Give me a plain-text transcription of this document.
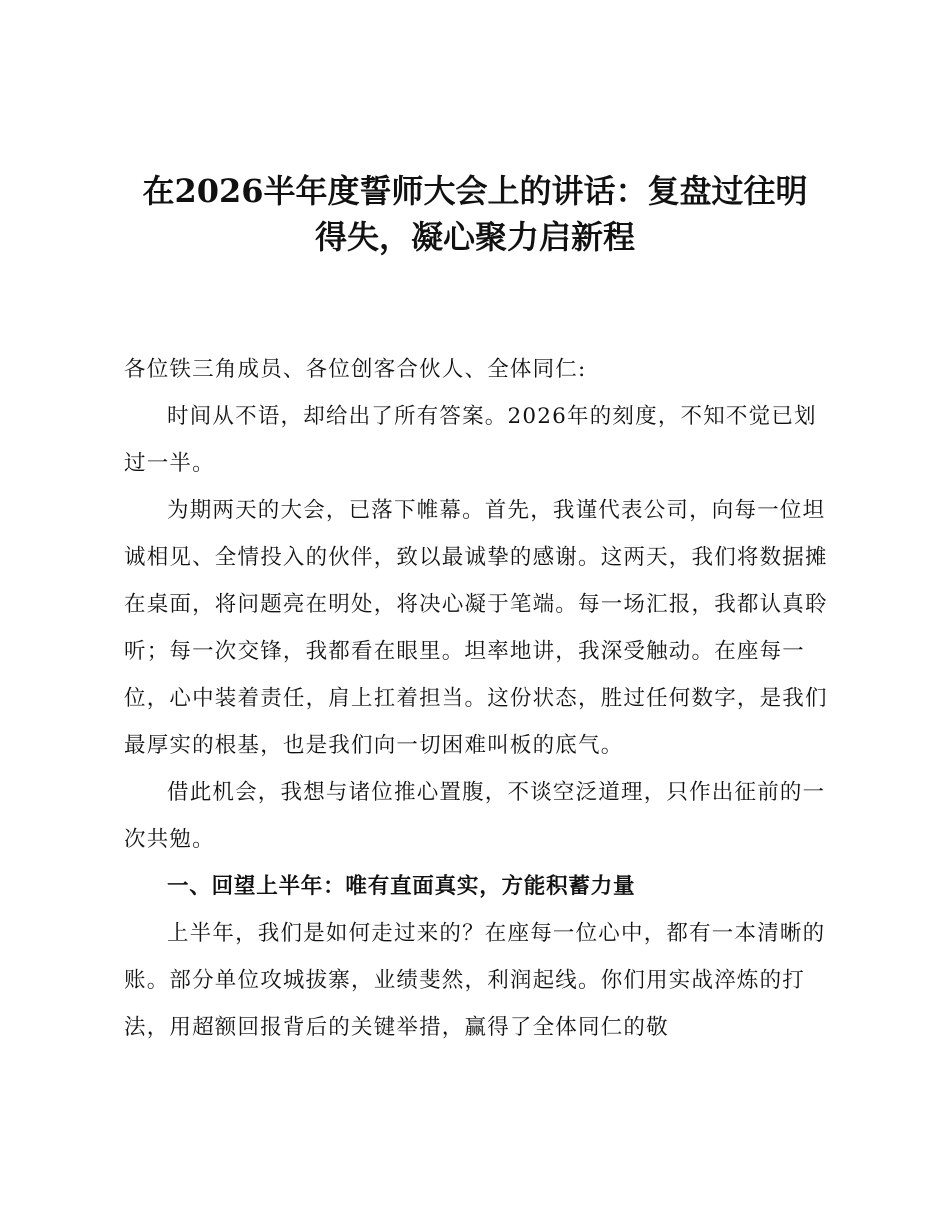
在2026半年度誓师大会上的讲话：复盘过往明
得失，凝心聚力启新程

各位铁三角成员、各位创客合伙人、全体同仁:

时间从不语，却给出了所有答案。2026年的刻度，不知不觉已划过一半。

为期两天的大会，已落下帷幕。首先，我谨代表公司，向每一位坦诚相见、全情投入的伙伴，致以最诚挚的感谢。这两天，我们将数据摊在桌面，将问题亮在明处，将决心凝于笔端。每一场汇报，我都认真聆听；每一次交锋，我都看在眼里。坦率地讲，我深受触动。在座每一位，心中装着责任，肩上扛着担当。这份状态，胜过任何数字，是我们最厚实的根基，也是我们向一切困难叫板的底气。

借此机会，我想与诸位推心置腹，不谈空泛道理，只作出征前的一次共勉。

一、回望上半年：唯有直面真实，方能积蓄力量

上半年，我们是如何走过来的？在座每一位心中，都有一本清晰的账。部分单位攻城拔寨，业绩斐然，利润起线。你们用实战淬炼的打法，用超额回报背后的关键举措，赢得了全体同仁的敬
